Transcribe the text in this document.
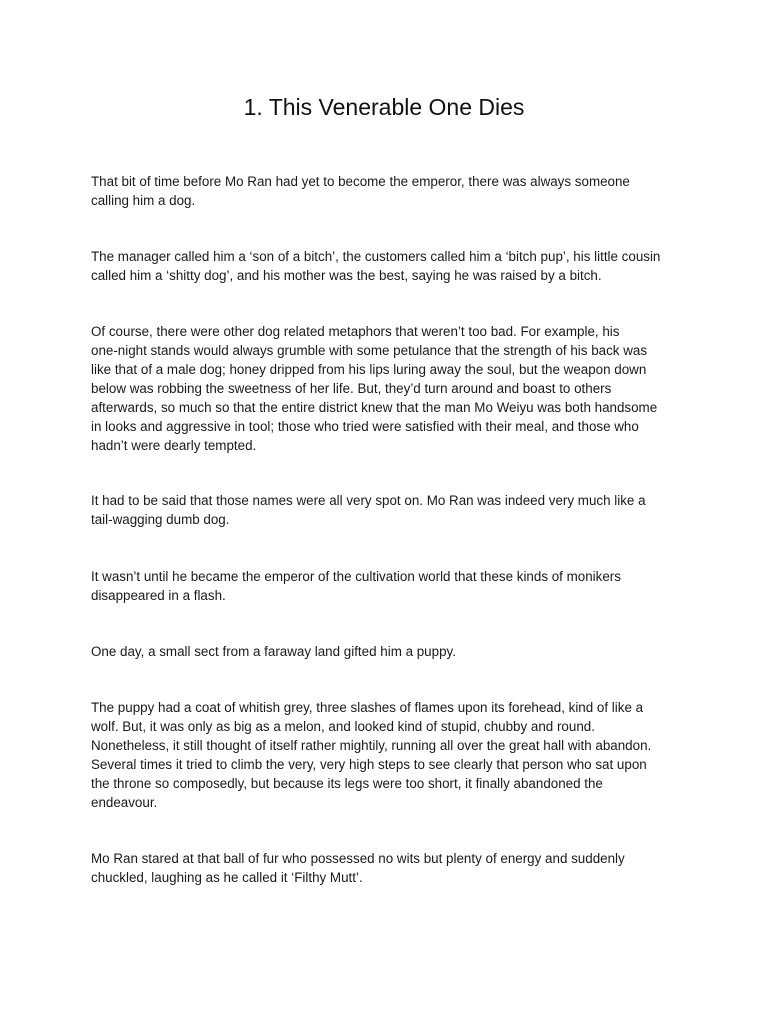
1. This Venerable One Dies

That bit of time before Mo Ran had yet to become the emperor, there was always someone
calling him a dog.

The manager called him a ‘son of a bitch’, the customers called him a ‘bitch pup’, his little cousin
called him a ‘shitty dog’, and his mother was the best, saying he was raised by a bitch.

Of course, there were other dog related metaphors that weren’t too bad. For example, his
one-night stands would always grumble with some petulance that the strength of his back was
like that of a male dog; honey dripped from his lips luring away the soul, but the weapon down
below was robbing the sweetness of her life. But, they’d turn around and boast to others
afterwards, so much so that the entire district knew that the man Mo Weiyu was both handsome
in looks and aggressive in tool; those who tried were satisfied with their meal, and those who
hadn’t were dearly tempted.

It had to be said that those names were all very spot on. Mo Ran was indeed very much like a
tail-wagging dumb dog.

It wasn’t until he became the emperor of the cultivation world that these kinds of monikers
disappeared in a flash.

One day, a small sect from a faraway land gifted him a puppy.

The puppy had a coat of whitish grey, three slashes of flames upon its forehead, kind of like a
wolf. But, it was only as big as a melon, and looked kind of stupid, chubby and round.
Nonetheless, it still thought of itself rather mightily, running all over the great hall with abandon.
Several times it tried to climb the very, very high steps to see clearly that person who sat upon
the throne so composedly, but because its legs were too short, it finally abandoned the
endeavour.

Mo Ran stared at that ball of fur who possessed no wits but plenty of energy and suddenly
chuckled, laughing as he called it ‘Filthy Mutt’.
